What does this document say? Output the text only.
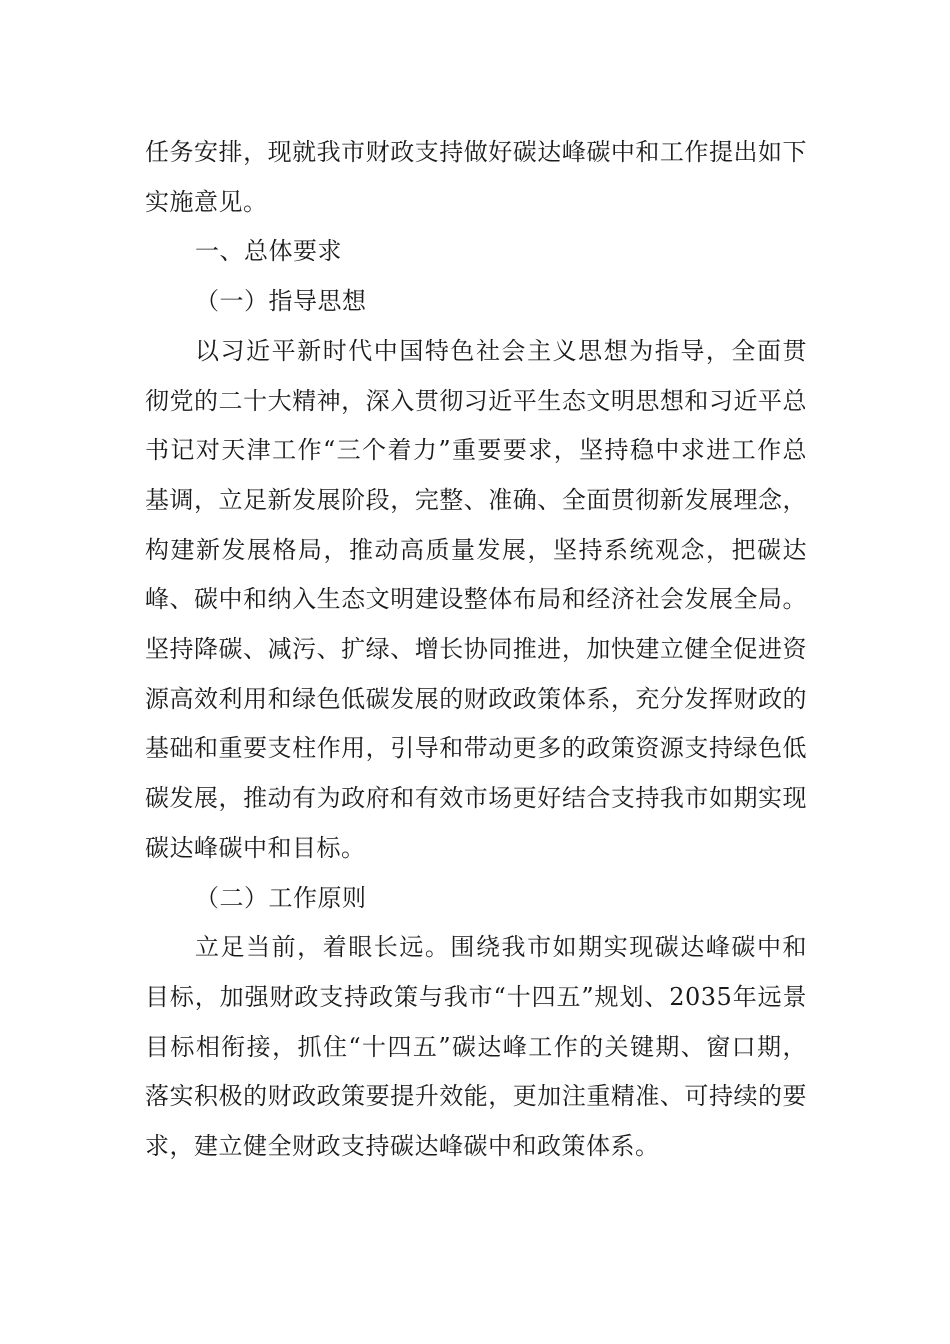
任务安排，现就我市财政支持做好碳达峰碳中和工作提出如下实施意见。

一、总体要求

（一）指导思想

以习近平新时代中国特色社会主义思想为指导，全面贯彻党的二十大精神，深入贯彻习近平生态文明思想和习近平总书记对天津工作“三个着力”重要要求，坚持稳中求进工作总基调，立足新发展阶段，完整、准确、全面贯彻新发展理念，构建新发展格局，推动高质量发展，坚持系统观念，把碳达峰、碳中和纳入生态文明建设整体布局和经济社会发展全局。坚持降碳、减污、扩绿、增长协同推进，加快建立健全促进资源高效利用和绿色低碳发展的财政政策体系，充分发挥财政的基础和重要支柱作用，引导和带动更多的政策资源支持绿色低碳发展，推动有为政府和有效市场更好结合支持我市如期实现碳达峰碳中和目标。

（二）工作原则

立足当前，着眼长远。围绕我市如期实现碳达峰碳中和目标，加强财政支持政策与我市“十四五”规划、2035年远景目标相衔接，抓住“十四五”碳达峰工作的关键期、窗口期，落实积极的财政政策要提升效能，更加注重精准、可持续的要求，建立健全财政支持碳达峰碳中和政策体系。
